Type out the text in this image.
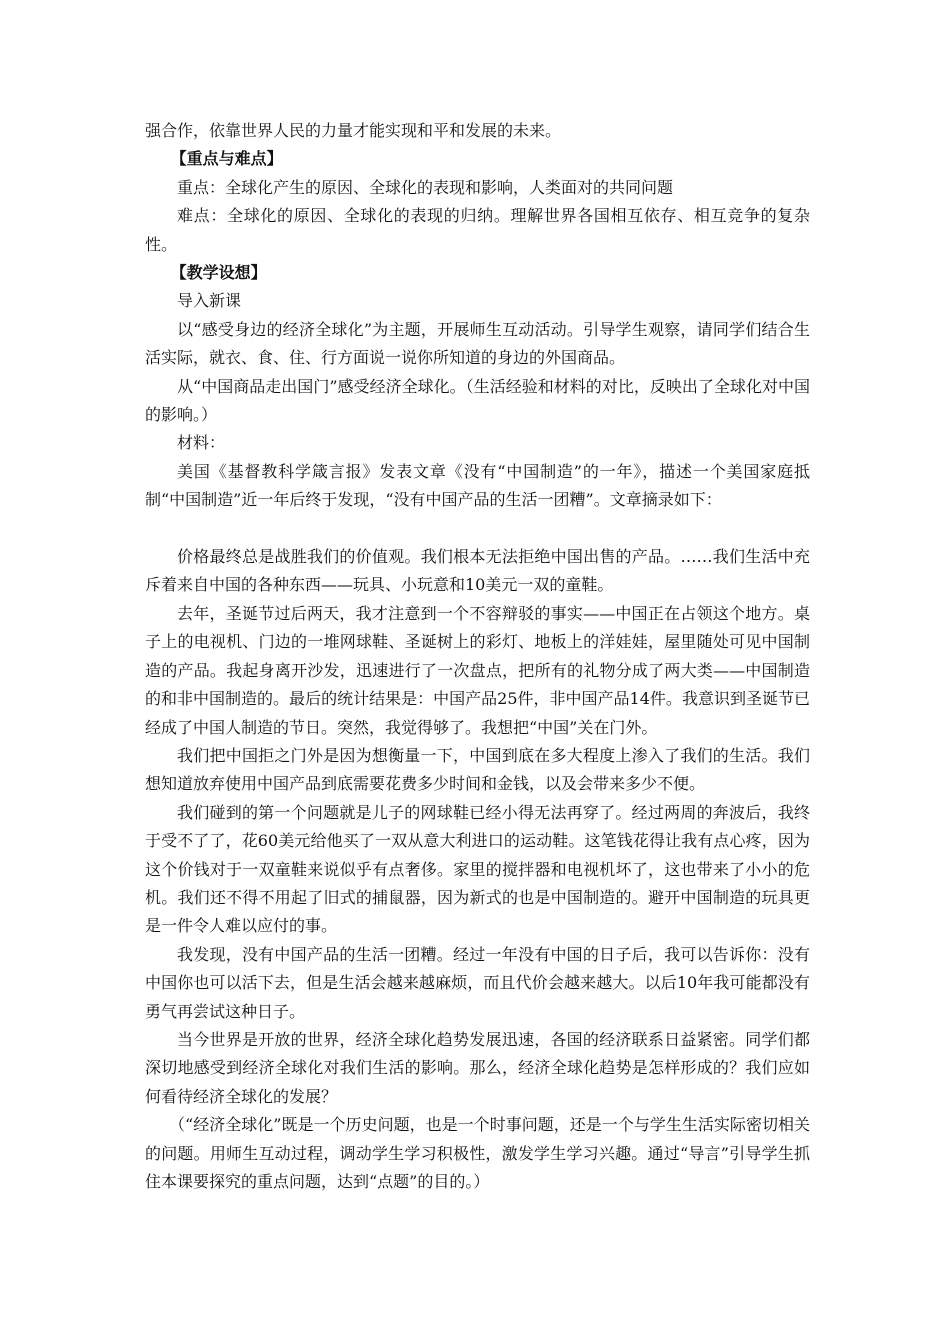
强合作，依靠世界人民的力量才能实现和平和发展的未来。

【重点与难点】

重点：全球化产生的原因、全球化的表现和影响，人类面对的共同问题

难点：全球化的原因、全球化的表现的归纳。理解世界各国相互依存、相互竞争的复杂性。

【教学设想】

导入新课

以“感受身边的经济全球化”为主题，开展师生互动活动。引导学生观察，请同学们结合生活实际，就衣、食、住、行方面说一说你所知道的身边的外国商品。

从“中国商品走出国门”感受经济全球化。（生活经验和材料的对比，反映出了全球化对中国的影响。）

材料：

美国《基督教科学箴言报》发表文章《没有“中国制造”的一年》，描述一个美国家庭抵制“中国制造”近一年后终于发现，“没有中国产品的生活一团糟”。文章摘录如下：

价格最终总是战胜我们的价值观。我们根本无法拒绝中国出售的产品。……我们生活中充斥着来自中国的各种东西——玩具、小玩意和10美元一双的童鞋。

去年，圣诞节过后两天，我才注意到一个不容辩驳的事实——中国正在占领这个地方。桌子上的电视机、门边的一堆网球鞋、圣诞树上的彩灯、地板上的洋娃娃，屋里随处可见中国制造的产品。我起身离开沙发，迅速进行了一次盘点，把所有的礼物分成了两大类——中国制造的和非中国制造的。最后的统计结果是：中国产品25件，非中国产品14件。我意识到圣诞节已经成了中国人制造的节日。突然，我觉得够了。我想把“中国”关在门外。

我们把中国拒之门外是因为想衡量一下，中国到底在多大程度上渗入了我们的生活。我们想知道放弃使用中国产品到底需要花费多少时间和金钱，以及会带来多少不便。

我们碰到的第一个问题就是儿子的网球鞋已经小得无法再穿了。经过两周的奔波后，我终于受不了了，花60美元给他买了一双从意大利进口的运动鞋。这笔钱花得让我有点心疼，因为这个价钱对于一双童鞋来说似乎有点奢侈。家里的搅拌器和电视机坏了，这也带来了小小的危机。我们还不得不用起了旧式的捕鼠器，因为新式的也是中国制造的。避开中国制造的玩具更是一件令人难以应付的事。

我发现，没有中国产品的生活一团糟。经过一年没有中国的日子后，我可以告诉你：没有中国你也可以活下去，但是生活会越来越麻烦，而且代价会越来越大。以后10年我可能都没有勇气再尝试这种日子。

当今世界是开放的世界，经济全球化趋势发展迅速，各国的经济联系日益紧密。同学们都深切地感受到经济全球化对我们生活的影响。那么，经济全球化趋势是怎样形成的？我们应如何看待经济全球化的发展？

（“经济全球化”既是一个历史问题，也是一个时事问题，还是一个与学生生活实际密切相关的问题。用师生互动过程，调动学生学习积极性，激发学生学习兴趣。通过“导言”引导学生抓住本课要探究的重点问题，达到“点题”的目的。）
